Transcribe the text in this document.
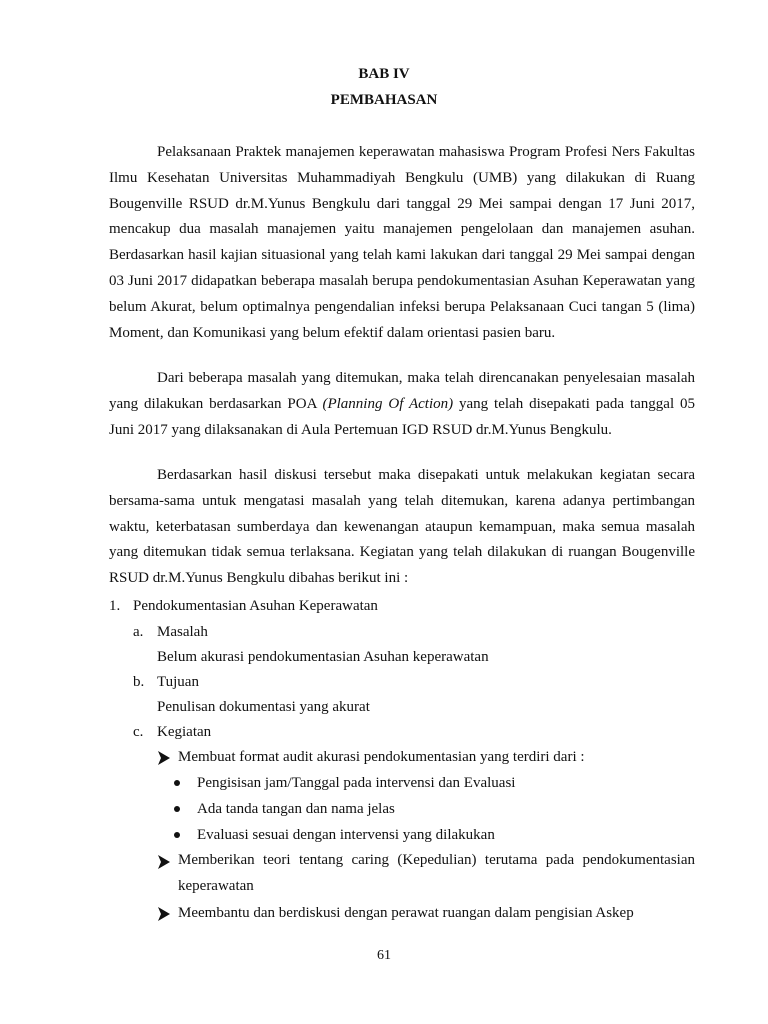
BAB IV
PEMBAHASAN

Pelaksanaan Praktek manajemen keperawatan mahasiswa Program Profesi Ners Fakultas Ilmu Kesehatan Universitas Muhammadiyah Bengkulu (UMB) yang dilakukan di Ruang Bougenville RSUD dr.M.Yunus Bengkulu dari tanggal 29 Mei sampai dengan 17 Juni 2017, mencakup dua masalah manajemen yaitu manajemen pengelolaan dan manajemen asuhan. Berdasarkan hasil kajian situasional yang telah kami lakukan dari tanggal 29 Mei sampai dengan 03 Juni 2017 didapatkan beberapa masalah berupa pendokumentasian Asuhan Keperawatan yang belum Akurat, belum optimalnya pengendalian infeksi berupa Pelaksanaan Cuci tangan 5 (lima) Moment, dan Komunikasi yang belum efektif dalam orientasi pasien baru.

Dari beberapa masalah yang ditemukan, maka telah direncanakan penyelesaian masalah yang dilakukan berdasarkan POA (Planning Of Action) yang telah disepakati pada tanggal 05 Juni 2017 yang dilaksanakan di Aula Pertemuan IGD RSUD dr.M.Yunus Bengkulu.

Berdasarkan hasil diskusi tersebut maka disepakati untuk melakukan kegiatan secara bersama-sama untuk mengatasi masalah yang telah ditemukan, karena adanya pertimbangan waktu, keterbatasan sumberdaya dan kewenangan ataupun kemampuan, maka semua masalah yang ditemukan tidak semua terlaksana. Kegiatan yang telah dilakukan di ruangan Bougenville RSUD dr.M.Yunus Bengkulu dibahas berikut ini :

1. Pendokumentasian Asuhan Keperawatan
a. Masalah
Belum akurasi pendokumentasian Asuhan keperawatan
b. Tujuan
Penulisan dokumentasi yang akurat
c. Kegiatan
Membuat format audit akurasi pendokumentasian yang terdiri dari :
Pengisisan jam/Tanggal pada intervensi dan Evaluasi
Ada tanda tangan dan nama jelas
Evaluasi sesuai dengan intervensi yang dilakukan

Memberikan teori tentang caring (Kepedulian) terutama pada pendokumentasian keperawatan

Meembantu dan berdiskusi dengan perawat ruangan dalam pengisian Askep
61
